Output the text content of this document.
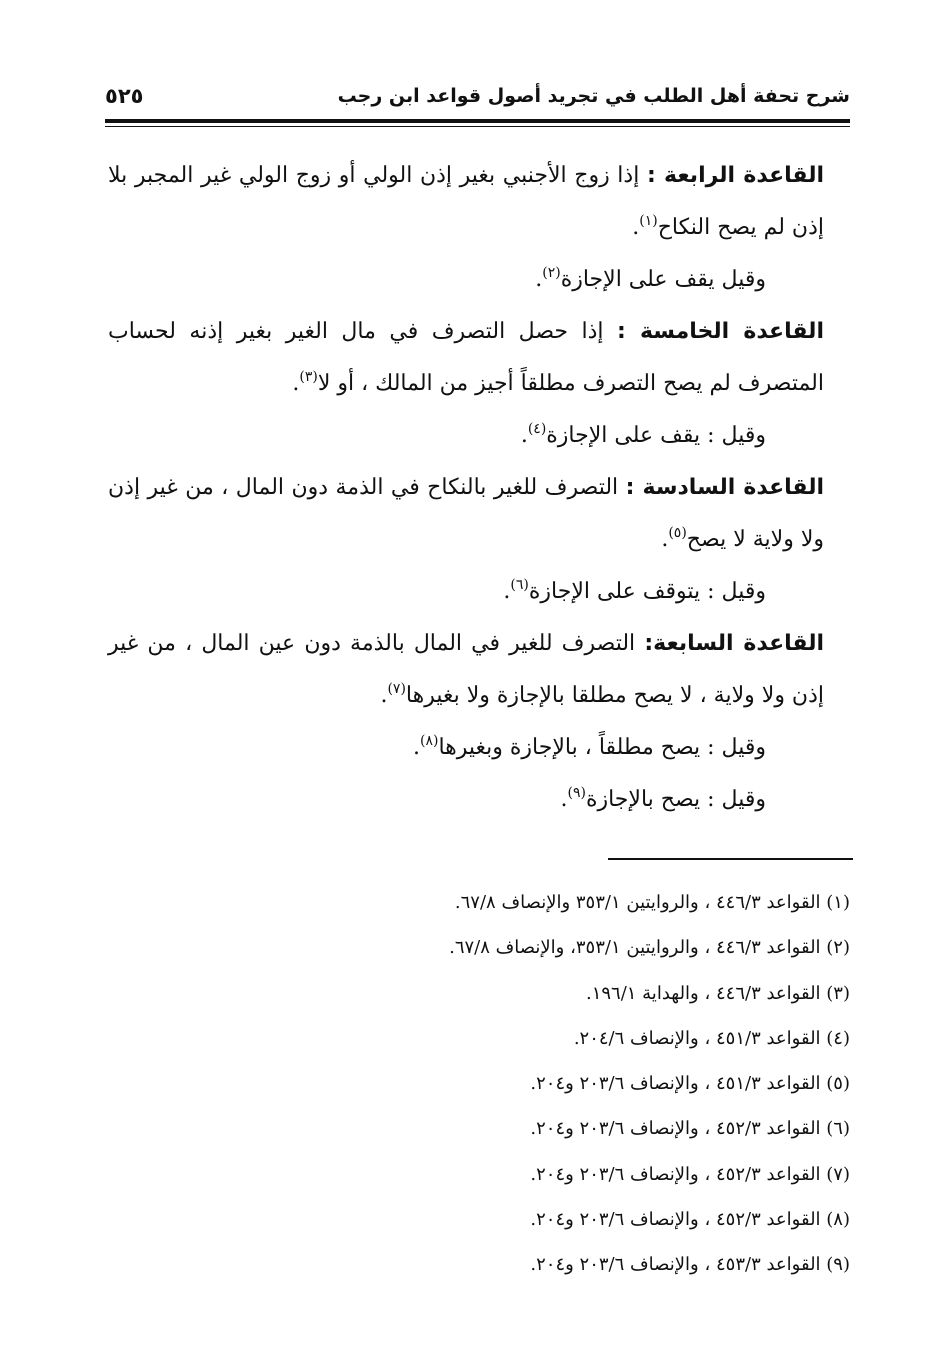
شرح تحفة أهل الطلب في تجريد أصول قواعد ابن رجب
٥٢٥

القاعدة الرابعة : إذا زوج الأجنبي بغير إذن الولي أو زوج الولي غير المجبر بلا إذن لم يصح النكاح$^{(١)}$.

وقيل يقف على الإجازة$^{(٢)}$.

القاعدة الخامسة : إذا حصل التصرف في مال الغير بغير إذنه لحساب المتصرف لم يصح التصرف مطلقاً أجيز من المالك ، أو لا$^{(٣)}$.

وقيل : يقف على الإجازة$^{(٤)}$.

القاعدة السادسة : التصرف للغير بالنكاح في الذمة دون المال ، من غير إذن ولا ولاية لا يصح$^{(٥)}$.

وقيل : يتوقف على الإجازة$^{(٦)}$.

القاعدة السابعة: التصرف للغير في المال بالذمة دون عين المال ، من غير إذن ولا ولاية ، لا يصح مطلقا بالإجازة ولا بغيرها$^{(٧)}$.

وقيل : يصح مطلقاً ، بالإجازة وبغيرها$^{(٨)}$.

وقيل : يصح بالإجازة$^{(٩)}$.

(١) القواعد ٤٤٦/٣ ، والروايتين ٣٥٣/١ والإنصاف ٦٧/٨.

(٢) القواعد ٤٤٦/٣ ، والروايتين ٣٥٣/١، والإنصاف ٦٧/٨.

(٣) القواعد ٤٤٦/٣ ، والهداية ١٩٦/١.

(٤) القواعد ٤٥١/٣ ، والإنصاف ٢٠٤/٦.

(٥) القواعد ٤٥١/٣ ، والإنصاف ٢٠٣/٦ و٢٠٤.

(٦) القواعد ٤٥٢/٣ ، والإنصاف ٢٠٣/٦ و٢٠٤.

(٧) القواعد ٤٥٢/٣ ، والإنصاف ٢٠٣/٦ و٢٠٤.

(٨) القواعد ٤٥٢/٣ ، والإنصاف ٢٠٣/٦ و٢٠٤.

(٩) القواعد ٤٥٣/٣ ، والإنصاف ٢٠٣/٦ و٢٠٤.
